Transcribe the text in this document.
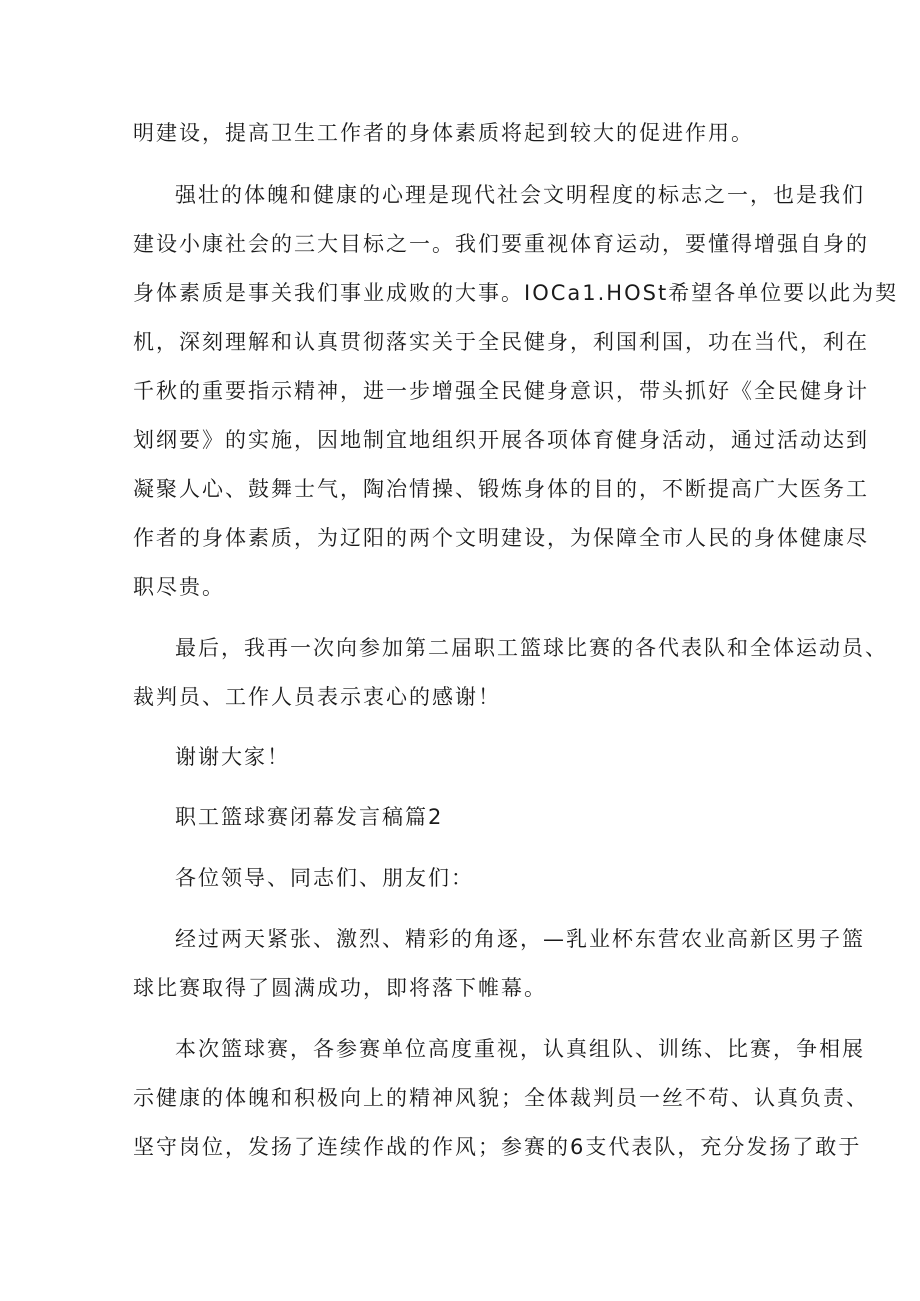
明建设，提高卫生工作者的身体素质将起到较大的促进作用。
强壮的体魄和健康的心理是现代社会文明程度的标志之一，也是我们
建设小康社会的三大目标之一。我们要重视体育运动，要懂得增强自身的
身体素质是事关我们事业成败的大事。IOCa1.HOSt希望各单位要以此为契
机，深刻理解和认真贯彻落实关于全民健身，利国利国，功在当代，利在
千秋的重要指示精神，进一步增强全民健身意识，带头抓好《全民健身计
划纲要》的实施，因地制宜地组织开展各项体育健身活动，通过活动达到
凝聚人心、鼓舞士气，陶冶情操、锻炼身体的目的，不断提高广大医务工
作者的身体素质，为辽阳的两个文明建设，为保障全市人民的身体健康尽
职尽贵。
最后，我再一次向参加第二届职工篮球比赛的各代表队和全体运动员、
裁判员、工作人员表示衷心的感谢！
谢谢大家！
职工篮球赛闭幕发言稿篇2
各位领导、同志们、朋友们：
经过两天紧张、激烈、精彩的角逐，—乳业杯东营农业高新区男子篮
球比赛取得了圆满成功，即将落下帷幕。
本次篮球赛，各参赛单位高度重视，认真组队、训练、比赛，争相展
示健康的体魄和积极向上的精神风貌；全体裁判员一丝不苟、认真负责、
坚守岗位，发扬了连续作战的作风；参赛的6支代表队，充分发扬了敢于
